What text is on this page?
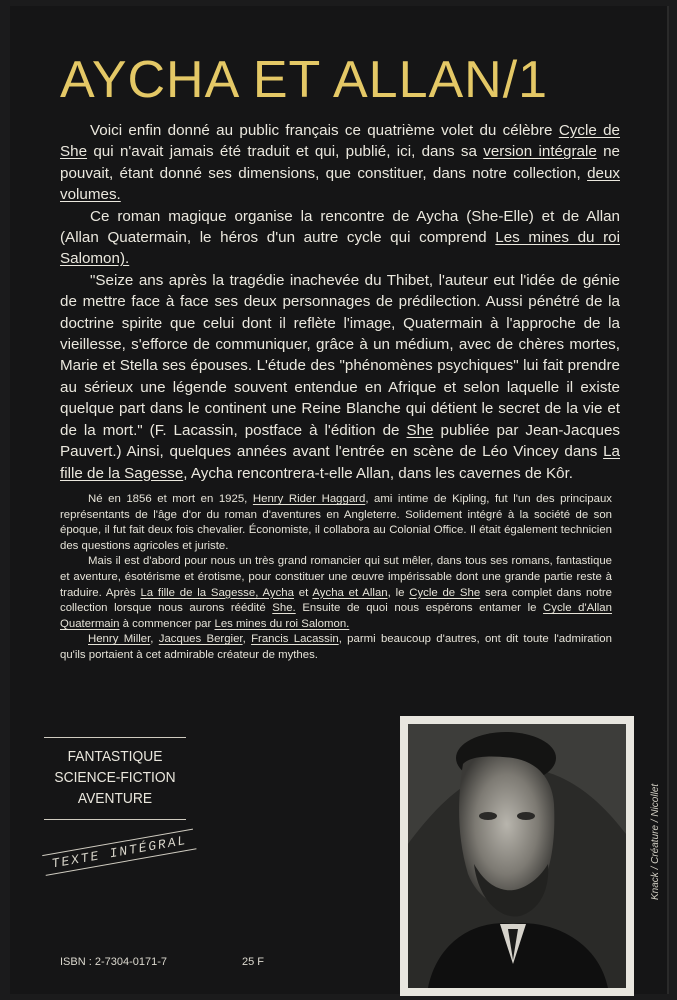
AYCHA ET ALLAN/1

Voici enfin donné au public français ce quatrième volet du célèbre Cycle de She qui n'avait jamais été traduit et qui, publié, ici, dans sa version intégrale ne pouvait, étant donné ses dimensions, que constituer, dans notre collection, deux volumes.

Ce roman magique organise la rencontre de Aycha (She-Elle) et de Allan (Allan Quatermain, le héros d'un autre cycle qui comprend Les mines du roi Salomon).

"Seize ans après la tragédie inachevée du Thibet, l'auteur eut l'idée de génie de mettre face à face ses deux personnages de prédilection. Aussi pénétré de la doctrine spirite que celui dont il reflète l'image, Quatermain à l'approche de la vieillesse, s'efforce de communiquer, grâce à un médium, avec de chères mortes, Marie et Stella ses épouses. L'étude des "phénomènes psychiques" lui fait prendre au sérieux une légende souvent entendue en Afrique et selon laquelle il existe quelque part dans le continent une Reine Blanche qui détient le secret de la vie et de la mort." (F. Lacassin, postface à l'édition de She publiée par Jean-Jacques Pauvert.) Ainsi, quelques années avant l'entrée en scène de Léo Vincey dans La fille de la Sagesse, Aycha rencontrera-t-elle Allan, dans les cavernes de Kôr.

Né en 1856 et mort en 1925, Henry Rider Haggard, ami intime de Kipling, fut l'un des principaux représentants de l'âge d'or du roman d'aventures en Angleterre. Solidement intégré à la société de son époque, il fut fait deux fois chevalier. Économiste, il collabora au Colonial Office. Il était également technicien des questions agricoles et juriste.

Mais il est d'abord pour nous un très grand romancier qui sut mêler, dans tous ses romans, fantastique et aventure, ésotérisme et érotisme, pour constituer une œuvre impérissable dont une grande partie reste à traduire. Après La fille de la Sagesse, Aycha et Aycha et Allan, le Cycle de She sera complet dans notre collection lorsque nous aurons réédité She. Ensuite de quoi nous espérons entamer le Cycle d'Allan Quatermain à commencer par Les mines du roi Salomon.

Henry Miller, Jacques Bergier, Francis Lacassin, parmi beaucoup d'autres, ont dit toute l'admiration qu'ils portaient à cet admirable créateur de mythes.

FANTASTIQUE
SCIENCE-FICTION
AVENTURE
TEXTE INTÉGRAL
ISBN : 2-7304-0171-7	25 F
Knack / Créature / Nicollet
